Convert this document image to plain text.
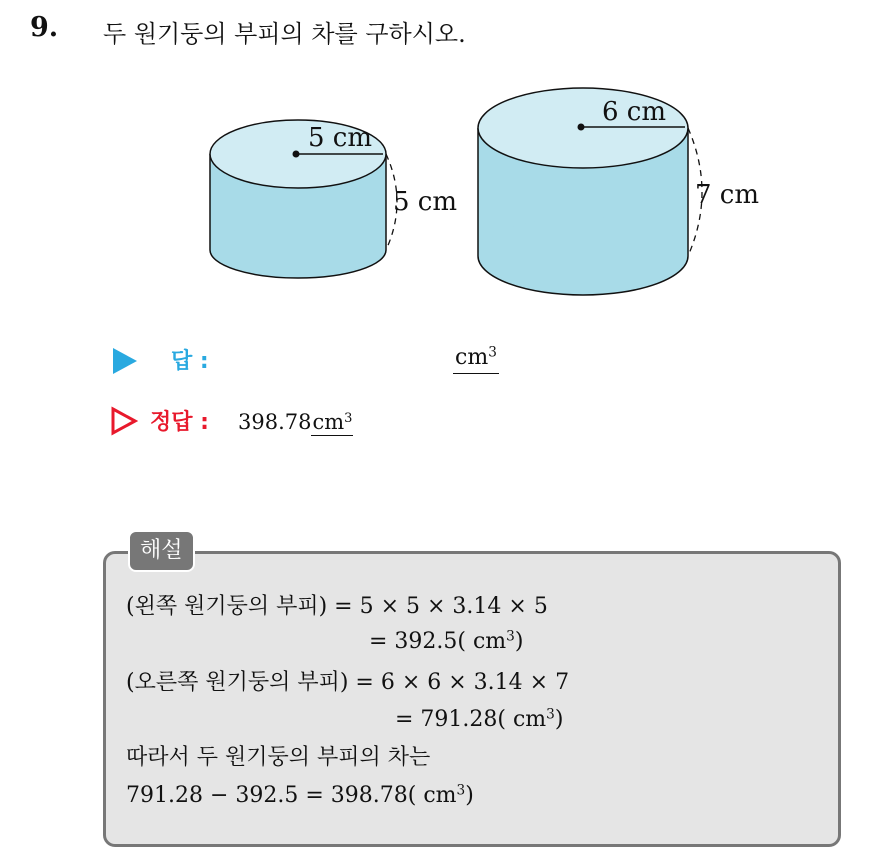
9. 두 원기둥의 부피의 차를 구하시오.
5 cm
5 cm
6 cm
7 cm
답 :	$cm^3$
정답 : $398.78cm^3$
해설
(왼쪽 원기둥의 부피) = 5 × 5 × 3.14 × 5
= 392.5( $cm^3$)
(오른쪽 원기둥의 부피) = 6 × 6 × 3.14 × 7
= 791.28( $cm^3$)
따라서 두 원기둥의 부피의 차는
791.28 − 392.5 = 398.78( $cm^3$)
